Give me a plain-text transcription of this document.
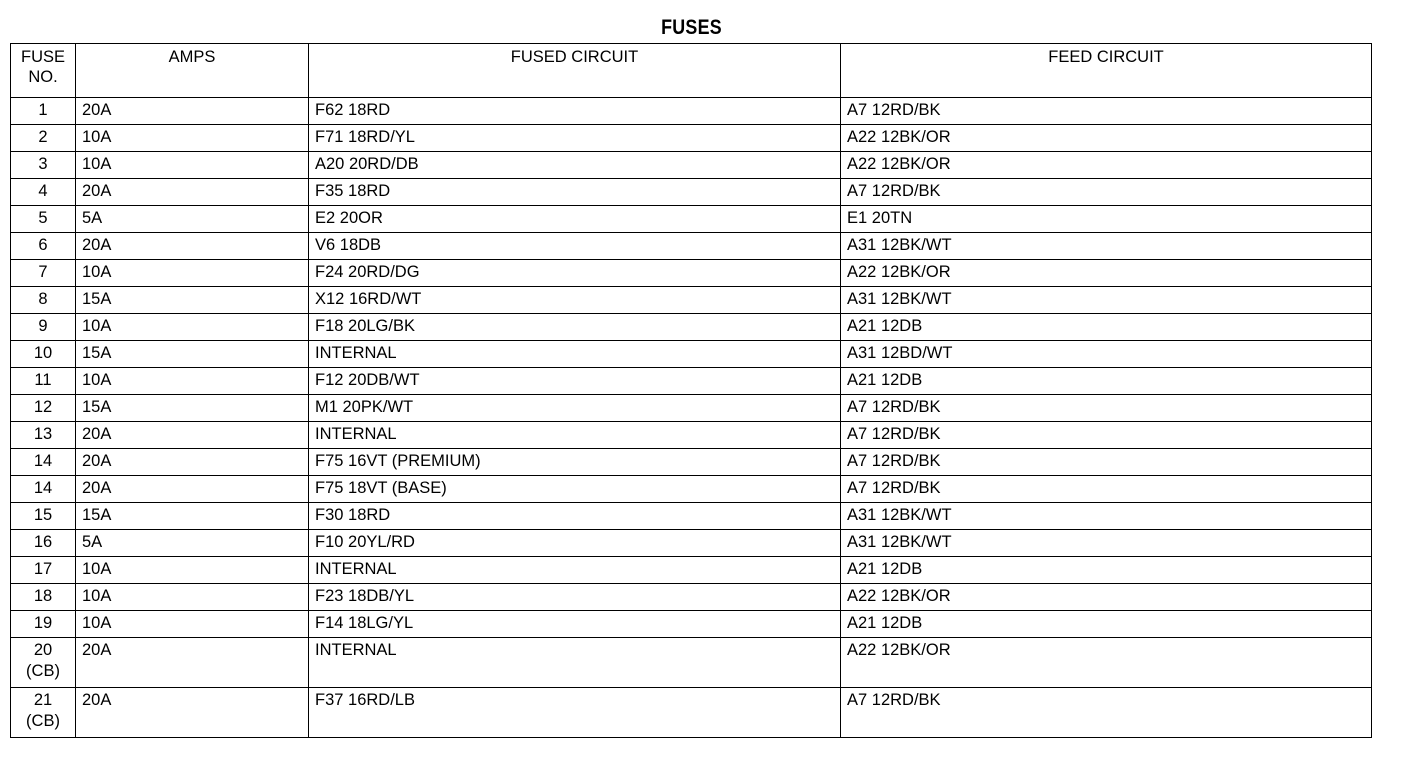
FUSES
FUSE
NO.	AMPS	FUSED CIRCUIT	FEED CIRCUIT
1	20A	F62 18RD	A7 12RD/BK
2	10A	F71 18RD/YL	A22 12BK/OR
3	10A	A20 20RD/DB	A22 12BK/OR
4	20A	F35 18RD	A7 12RD/BK
5	5A	E2 20OR	E1 20TN
6	20A	V6 18DB	A31 12BK/WT
7	10A	F24 20RD/DG	A22 12BK/OR
8	15A	X12 16RD/WT	A31 12BK/WT
9	10A	F18 20LG/BK	A21 12DB
10	15A	INTERNAL	A31 12BD/WT
11	10A	F12 20DB/WT	A21 12DB
12	15A	M1 20PK/WT	A7 12RD/BK
13	20A	INTERNAL	A7 12RD/BK
14	20A	F75 16VT (PREMIUM)	A7 12RD/BK
14	20A	F75 18VT (BASE)	A7 12RD/BK
15	15A	F30 18RD	A31 12BK/WT
16	5A	F10 20YL/RD	A31 12BK/WT
17	10A	INTERNAL	A21 12DB
18	10A	F23 18DB/YL	A22 12BK/OR
19	10A	F14 18LG/YL	A21 12DB
20
(CB)	20A	INTERNAL	A22 12BK/OR
21
(CB)	20A	F37 16RD/LB	A7 12RD/BK
